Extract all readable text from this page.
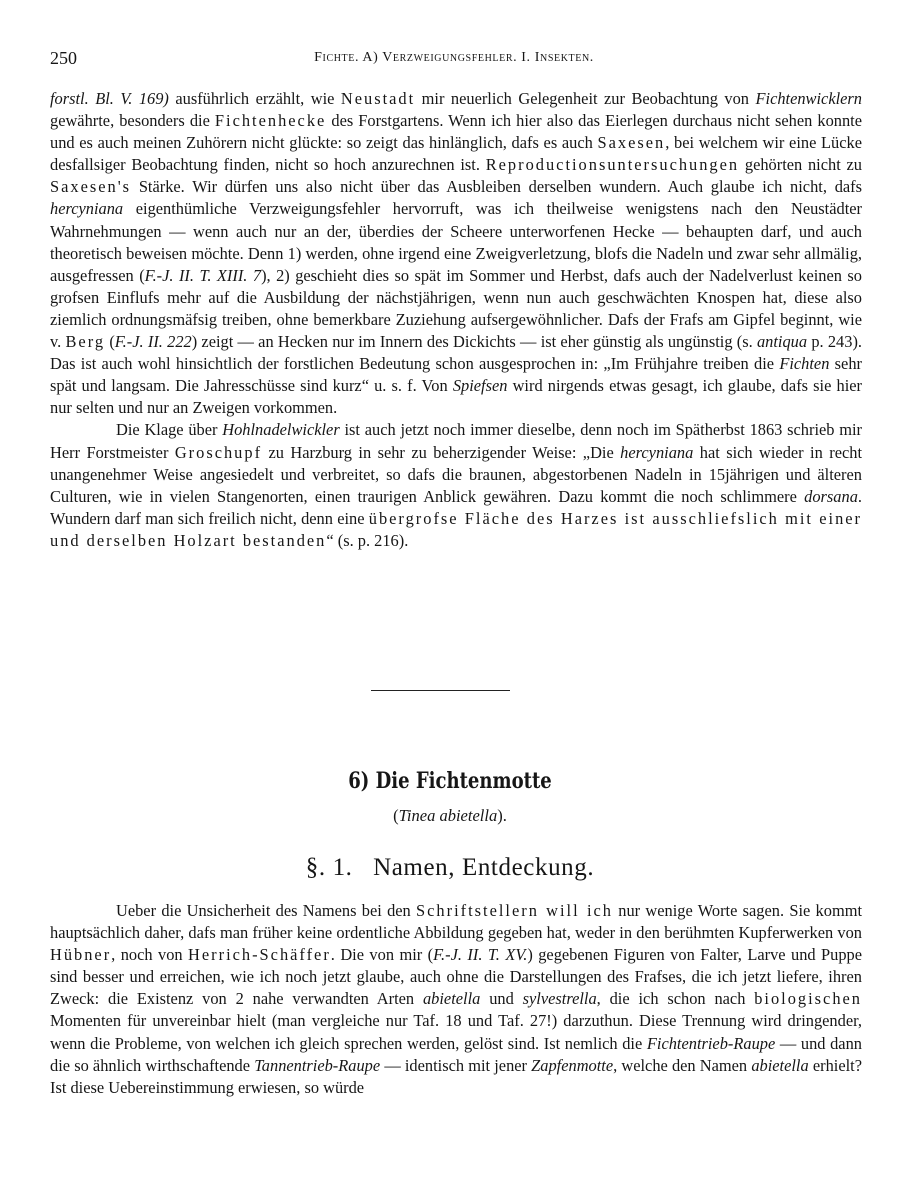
250	Fichte. A) Verzweigungsfehler. I. Insekten.

forstl. Bl. V. 169) ausführlich erzählt, wie Neustadt mir neuerlich Gelegenheit zur Beobachtung von Fichtenwicklern gewährte, besonders die Fichtenhecke des Forstgartens. Wenn ich hier also das Eierlegen durchaus nicht sehen konnte und es auch meinen Zuhörern nicht glückte: so zeigt das hinlänglich, dafs es auch Saxesen, bei welchem wir eine Lücke desfallsiger Beobachtung finden, nicht so hoch anzurechnen ist. Reproductionsuntersuchungen gehörten nicht zu Saxesen's Stärke. Wir dürfen uns also nicht über das Ausbleiben derselben wundern. Auch glaube ich nicht, dafs hercyniana eigenthümliche Verzweigungsfehler hervorruft, was ich theilweise wenigstens nach den Neustädter Wahrnehmungen — wenn auch nur an der, überdies der Scheere unterworfenen Hecke — behaupten darf, und auch theoretisch beweisen möchte. Denn 1) werden, ohne irgend eine Zweigverletzung, blofs die Nadeln und zwar sehr allmälig, ausgefressen (F.-J. II. T. XIII. 7), 2) geschieht dies so spät im Sommer und Herbst, dafs auch der Nadelverlust keinen so grofsen Einflufs mehr auf die Ausbildung der nächstjährigen, wenn nun auch geschwächten Knospen hat, diese also ziemlich ordnungsmäfsig treiben, ohne bemerkbare Zuziehung aufsergewöhnlicher. Dafs der Frafs am Gipfel beginnt, wie v. Berg (F.-J. II. 222) zeigt — an Hecken nur im Innern des Dickichts — ist eher günstig als ungünstig (s. antiqua p. 243). Das ist auch wohl hinsichtlich der forstlichen Bedeutung schon ausgesprochen in: „Im Frühjahre treiben die Fichten sehr spät und langsam. Die Jahresschüsse sind kurz“ u. s. f. Von Spiefsen wird nirgends etwas gesagt, ich glaube, dafs sie hier nur selten und nur an Zweigen vorkommen.

Die Klage über Hohlnadelwickler ist auch jetzt noch immer dieselbe, denn noch im Spätherbst 1863 schrieb mir Herr Forstmeister Groschupf zu Harzburg in sehr zu beherzigender Weise: „Die hercyniana hat sich wieder in recht unangenehmer Weise angesiedelt und verbreitet, so dafs die braunen, abgestorbenen Nadeln in 15jährigen und älteren Culturen, wie in vielen Stangenorten, einen traurigen Anblick gewähren. Dazu kommt die noch schlimmere dorsana. Wundern darf man sich freilich nicht, denn eine übergrofse Fläche des Harzes ist ausschliefslich mit einer und derselben Holzart bestanden“ (s. p. 216).

6) Die Fichtenmotte
(Tinea abietella).
§. 1.   Namen, Entdeckung.

Ueber die Unsicherheit des Namens bei den Schriftstellern will ich nur wenige Worte sagen. Sie kommt hauptsächlich daher, dafs man früher keine ordentliche Abbildung gegeben hat, weder in den berühmten Kupferwerken von Hübner, noch von Herrich-Schäffer. Die von mir (F.-J. II. T. XV.) gegebenen Figuren von Falter, Larve und Puppe sind besser und erreichen, wie ich noch jetzt glaube, auch ohne die Darstellungen des Frafses, die ich jetzt liefere, ihren Zweck: die Existenz von 2 nahe verwandten Arten abietella und sylvestrella, die ich schon nach biologischen Momenten für unvereinbar hielt (man vergleiche nur Taf. 18 und Taf. 27!) darzuthun. Diese Trennung wird dringender, wenn die Probleme, von welchen ich gleich sprechen werden, gelöst sind. Ist nemlich die Fichtentrieb-Raupe — und dann die so ähnlich wirthschaftende Tannentrieb-Raupe — identisch mit jener Zapfenmotte, welche den Namen abietella erhielt? Ist diese Uebereinstimmung erwiesen, so würde
